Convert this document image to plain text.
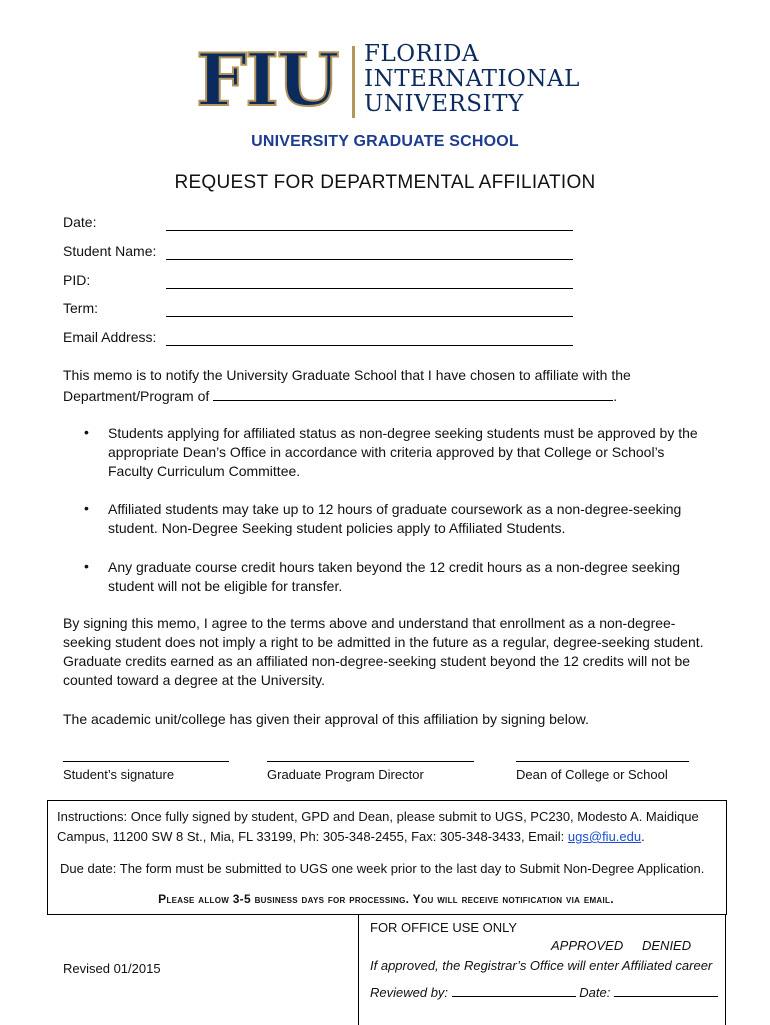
FIU FLORIDA
INTERNATIONAL
UNIVERSITY
UNIVERSITY GRADUATE SCHOOL
REQUEST FOR DEPARTMENTAL AFFILIATION
Date:
Student Name:
PID:
Term:
Email Address:
This memo is to notify the University Graduate School that I have chosen to affiliate with the
Department/Program of	.
• Students applying for affiliated status as non-degree seeking students must be approved by the appropriate Dean’s Office in accordance with criteria approved by that College or School’s Faculty Curriculum Committee.
• Affiliated students may take up to 12 hours of graduate coursework as a non-degree-seeking student. Non-Degree Seeking student policies apply to Affiliated Students.
• Any graduate course credit hours taken beyond the 12 credit hours as a non-degree seeking student will not be eligible for transfer.
By signing this memo, I agree to the terms above and understand that enrollment as a non-degree-seeking student does not imply a right to be admitted in the future as a regular, degree-seeking student. Graduate credits earned as an affiliated non-degree-seeking student beyond the 12 credits will not be counted toward a degree at the University.
The academic unit/college has given their approval of this affiliation by signing below.
Student’s signature	Graduate Program Director	Dean of College or School
Instructions: Once fully signed by student, GPD and Dean, please submit to UGS, PC230, Modesto A. Maidique
Campus, 11200 SW 8 St., Mia, FL 33199, Ph: 305-348-2455, Fax: 305-348-3433, Email: ugs@fiu.edu.
Due date: The form must be submitted to UGS one week prior to the last day to Submit Non-Degree Application.
Please allow 3-5 business days for processing. You will receive notification via email.
FOR OFFICE USE ONLY
APPROVED DENIED
If approved, the Registrar’s Office will enter Affiliated career
Reviewed by:	Date:
Revised 01/2015
